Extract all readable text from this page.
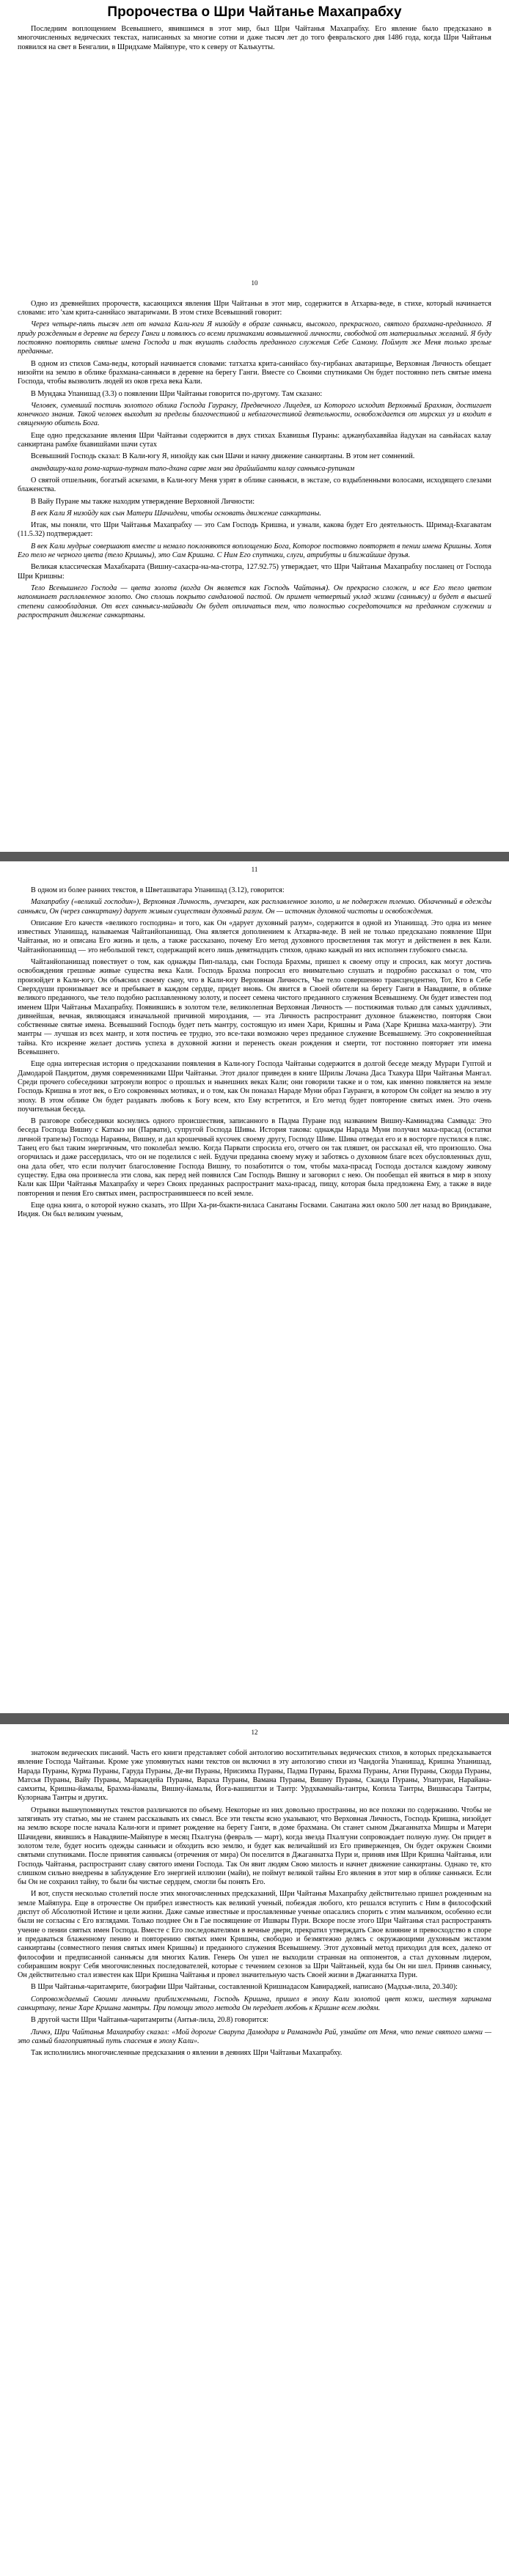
Пророчества о Шри Чайтанье Махапрабху

Последним воплощением Всевышнего, явившимся в этот мир, был Шри Чайтанья Махапрабху. Его явление было предсказано в многочисленных ведических текстах, написанных за многие сотни и даже тысяч лет до того февральского дня 1486 года, когда Шри Чайтанья появился на свет в Бенгалии, в Шридхаме Майяпуре, что к северу от Калькутты.

10

Одно из древнейших пророчеств, касающихся явления Шри Чайтаньи в этот мир, содержится в Атхарва-веде, в стихе, который начинается словами: итo 'хам крита-саннйасо эватариwами. В этом стихе Всевышний говорит:

Через четыре-пять тысяч лет от начала Кали-юги Я низойду в образе санньяси, высокого, прекрасного, святого брахмана-преданного. Я приду рожденным в деревне на берегу Ганги и появлюсь со всеми признаками возвышенной личности, свободной от материальных желаний. Я буду постоянно повторять святые имена Господа и так вкушать сладость преданного служения Себе Самому. Поймут же Меня только зрелые преданные.

В одном из стихов Сама-веды, который начинается словами: тaтхатхa крита-саннйасо бху-гирбанах авaтaрищье, Верховная Личность обещает низойти на землю в облике брахмана-санньяси в деревне на берегу Ганги. Вместе со Своими спутниками Он будет постоянно петь святые имена Господа, чтобы вызволить людей из оков греха века Кали.

В Мундака Упанишад (3.3) о появлении Шри Чайтаньи говорится по-другому. Там сказано:

Человек, сумевший постичь золотого облика Господа Гаурангу, Предвечного Лицедея, из Которого исходит Верховный Брахман, достигает конечного знания. Такой человек выходит за пределы благочестивой и неблагочестивой деятельности, освобождается от мирских уз и входит в священную обитель Бога.

Еще одно предсказание явления Шри Чайтаньи содержится в двух стихах Бхавишья Пураны: аджанубахаввйаа йадухан на саньйасах калау санкиртана рамбхе бхавишйами шачи сутах

Всевышний Господь сказал: В Кали-югу Я, низойду как сын Шачи и начну движение санкиртаны. В этом нет сомнений.

анандашру-кала рома-харша-пурнам тапо-дхана сарве мам эва драйшйанти калау санньяса-рупинам

О святой отшельник, богатый аскезами, в Кали-югу Меня узрят в облике санньяси, в экстазе, со вздыбленными волосами, исходящего слезами блаженства.

В Вайу Пуране мы также находим утверждение Верховной Личности:

В век Кали Я низойду как сын Матери Шачидеви, чтобы основать движение санкиртаны.

Итак, мы поняли, что Шри Чайтанья Махапрабху — это Сам Господь Кришна, и узнали, какова будет Его деятельность. Шримад-Бхагаватам (11.5.32) подтверждает:

В век Кали мудрые совершают вместе и немало поклоняются воплощению Бога, Которое постоянно повторяет в пении имена Кришны. Хотя Его тело не черного цвета (тело Кришны), это Сам Кришна. С Ним Его спутники, слуги, атрибуты и ближайшие друзья.

Великая классическая Махабхарата (Вишну-сахасра-на-ма-стотра, 127.92.75) утверждает, что Шри Чайтанья Махапрабху посланец от Господа Шри Кришны:

Тело Всевышнего Господа — цвета золота (когда Он является как Господь Чайтанья). Он прекрасно сложен, и все Его тело цветом напоминает расплавленное золото. Оно сплошь покрыто сандаловой пастой. Он примет четвертый уклад жизни (санньясу) и будет в высшей степени самообладания. От всех санньяси-майавади Он будет отличаться тем, что полностью сосредоточится на преданном служении и распространит движение санкиртаны.

11

В одном из более ранних текстов, в Шветашватара Упанишад (3.12), говорится:

Махапрабху («великий господин»), Верховная Личность, лучезарен, как расплавленное золото, и не подвержен тлению. Облаченный в одежды санньяси, Он (через санкиртану) дарует живым существам духовный разум. Он — источник духовной чистоты и освобождения.

Описание Его качеств «великого господина» и того, как Он «дарует духовный разум», содержится в одной из Упанишад. Это одна из менее известных Упанишад, называемая Чайтанйопанишад. Она является дополнением к Атхарва-веде. В ней не только предсказано появление Шри Чайтаньи, но и описана Его жизнь и цель, а также рассказано, почему Его метод духовного просветления так могут и действенен в век Кали. Чайтанйопанишад — это небольшой текст, содержащий всего лишь девятнадцать стихов, однако каждый из них исполнен глубокого смысла.

Чайтанйопанишад повествует о том, как однажды Пип-палада, сын Господа Брахмы, пришел к своему отцу и спросил, как могут достичь освобождения грешные живые существа века Кали. Господь Брахма попросил его внимательно слушать и подробно рассказал о том, что произойдет в Кали-югу. Он объяснил своему сыну, что в Кали-югу Верховная Личность, Чье тело совершенно трансцендентно, Тот, Кто в Себе Сверхдуши пронизывает все и пребывает в каждом сердце, придет вновь. Он явится в Своей обители на берегу Ганги в Навадвипе, в облике великого преданного, чье тело подобно расплавленному золоту, и посеет семена чистого преданного служения Всевышнему. Он будет известен под именем Шри Чайтанья Махапрабху. Появившись в золотом теле, великолепная Верховная Личность — постижимая только для самых удачливых, дивнейшая, вечная, являющаяся изначальной причиной мироздания, — эта Личность распространит духовное блаженство, повторяя Свои собственные святые имена. Всевышний Господь будет петь мантру, состоящую из имен Хари, Кришны и Рама (Харе Кришна мaха-мантру). Эти мантры — лучшая из всех мантр, и хотя постичь ее трудно, это все-таки возможно через преданное служение Всевышнему. Это сокровеннейшая тайна. Кто искренне желает достичь успеха в духовной жизни и перенесть океан рождения и смерти, тот постоянно повторяет эти имена Всевышнего.

Еще одна интересная история о предсказании появления в Кали-югу Господа Чайтаньи содержится в долгой беседе между Мурари Гуптой и Дамодарой Пандитом, двумя современниками Шри Чайтаньи. Этот диалог приведен в книге Шрилы Лочана Даса Тхакура Шри Чайтанья Мангал. Среди прочего собеседники затронули вопрос о прошлых и нынешних веках Кали; они говорили также и о том, как именно появляется на земле Господь Кришна в этот век, о Его сокровенных мотивах, и о том, как Он поназал Нараде Муни образ Гауранги, в котором Он сойдет на землю в эту эпоху. В этом облике Он будет раздавать любовь к Богу всем, кто Ему встретится, и Его метод будет повторение святых имен. Это очень поучительная беседа.

В разговоре собеседники коснулись одного происшествия, записанного в Падма Пуране под названием Вишну-Каминадэва Самвада: Это беседа Господа Вишну с Каткыэ ни (Парвати), супругой Господа Шивы. История такова: однажды Нарада Муни получил маха-прасад (остатки личной трапезы) Господа Нараяны, Вишну, и дал крошечный кусочек своему другу, Господу Шиве. Шива отведал его и в восторге пустился в пляс. Танец его был таким энергичным, что поколебал землю. Когда Парвати спросила его, отчего он так пляшет, он рассказал ей, что произошло. Она огорчилась и даже рассердилась, что он не поделился с ней. Будучи преданна своему мужу и заботясь о духовном благе всех обусловленных душ, она дала обет, что если получит благословение Господа Вишну, то позаботится о том, чтобы маха-прасад Господа достался каждому живому существу. Едва она произнесла эти слова, как перед ней появился Сам Господь Вишну и заговорил с нею. Он пообещал ей явиться в мир в эпоху Кали как Шри Чайтанья Махапрабху и через Своих преданных распространит маха-прасад, пищу, которая была предложена Ему, а также в виде повторения и пения Его святых имен, распространившееся по всей земле.

Еще одна книга, о которой нужно сказать, это Шри Ха-ри-бхакти-виласа Санатаны Госвами. Санатана жил около 500 лет назад во Вриндаване, Индия. Он был великим ученым,

12

знатоком ведических писаний. Часть его книги представляет собой антологию восхитительных ведических стихов, в которых предсказывается явление Господа Чайтаньи. Кроме уже упомянутых нами текстов он включил в эту антологию стихи из Чандогйа Упанишад, Кришна Упанишад, Нарада Пураны, Курма Пураны, Гаруда Пураны, Де-ви Пураны, Нрисимха Пураны, Падма Пураны, Брахма Пураны, Агни Пураны, Скорда Пураны, Матсья Пураны, Вайу Пураны, Маркандейа Пураны, Вараха Пураны, Ваманa Пураны, Вишну Пураны, Сканда Пураны, Упапуран, Нарайана-самхиты, Кришна-йамалы, Брахма-йамалы, Вишну-йамалы, Йога-вашиштхи и Тантр: Урдхвамнайа-тантры, Копила Тантры, Вишвасара Тантры, Кулорнава Тантры и других.

Отрывки вышеупомянутых текстов различаются по объему. Некоторые из них довольно пространны, но все похожи по содержанию. Чтобы не затягивать эту статью, мы не станем рассказывать их смысл. Все эти тексты ясно указывают, что Верховная Личность, Господь Кришна, низойдет на землю вскоре после начала Кали-юги и примет рождение на берегу Ганги, в доме брахмана. Он станет сыном Джаганнатха Мишры и Матери Шачидеви, явившись в Навадвипе-Майяпуре в месяц Пхалгуна (февраль — март), когда звезда Пхалгуни сопровождает полную луну. Он придет в золотом теле, будет носить одежды санньяси и обходить всю землю, и будет как величайший из Его приверженцев, Он будет окружен Своими святыми спутниками. После принятия санньясы (отречения от мира) Он поселится в Джаганнатха Пури и, приняв имя Шри Кришна Чайтанья, или Господь Чайтанья, распространит славу святого имени Господа. Так Он явит людям Свою милость и начнет движение санкиртаны. Однако те, кто слишком сильно внедрены в заблуждение Его энергией иллюзии (майи), не поймут великой тайны Его явления в этот мир в облике санньяси. Если бы Он не сохранил тайну, то были бы чистые сердцем, смогли бы понять Его.

И вот, спустя несколько столетий после этих многочисленных предсказаний, Шри Чайтанья Махапрабху действительно пришел рожденным на земле Майяпура. Еще в отрочестве Он прибрел известность как великий ученый, побеждая любого, кто решался вступить с Ним в философский диспут об Абсолютной Истине и цели жизни. Даже самые известные и прославленные ученые опасались спорить с этим мальчиком, особенно если были не согласны с Его взглядами. Только позднее Он в Гае посвящение от Ишвары Пури. Вскоре после этого Шри Чайтанья стал распространять учение о пении святых имен Господа. Вместе с Его последователями в вечные двери, прекратил утверждать Свое влияние и превосходство в споре и предаваться блаженному пению и повторению святых имен Кришны, свободно и безмятежно делясь с окружающими духовным экстазом санкиртаны (совместного пения святых имен Кришны) и преданного служения Всевышнему. Этот духовный метод приходил для всех, далеко от философии и предписанной санньясы для многих Калив. Генерь Он ушел не выходили странная на оппонентов, а стал духовным лидером, собиравшим вокруг Себя многочисленных последователей, которые с течением сезонов за Шри Чайтаньей, куда бы Он ни шел. Приняв санньясу, Он действительно стал известен как Шри Кришна Чайтанья и провел значительную часть Своей жизни в Джаганнатха Пури.

В Шри Чайтанья-чаритамрите, биографии Шри Чайтаньи, составленной Кришнадасом Кавираджей, написано (Мадхья-лила, 20.340):

Сопровождаемый Своими личными приближенными, Господь Кришна, пришел в эпоху Кали золотой цвет кожи, шествуя харинама санкиртану, пение Харе Кришна мантры. При помощи этого метода Он передает любовь к Кришне всем людям.

В другой части Шри Чайтанья-чаритамриты (Антья-лила, 20.8) говорится:

Личнэ, Шри Чайтанья Махапрабху сказал: «Мой дорогие Сварупа Дамодара и Рамананда Рай, узнайте от Меня, что пение святого имени — это самый благоприятный путь спасения в эпоху Кали».

Так исполнились многочисленные предсказания о явлении в деяниях Шри Чайтаньи Махапрабху.
